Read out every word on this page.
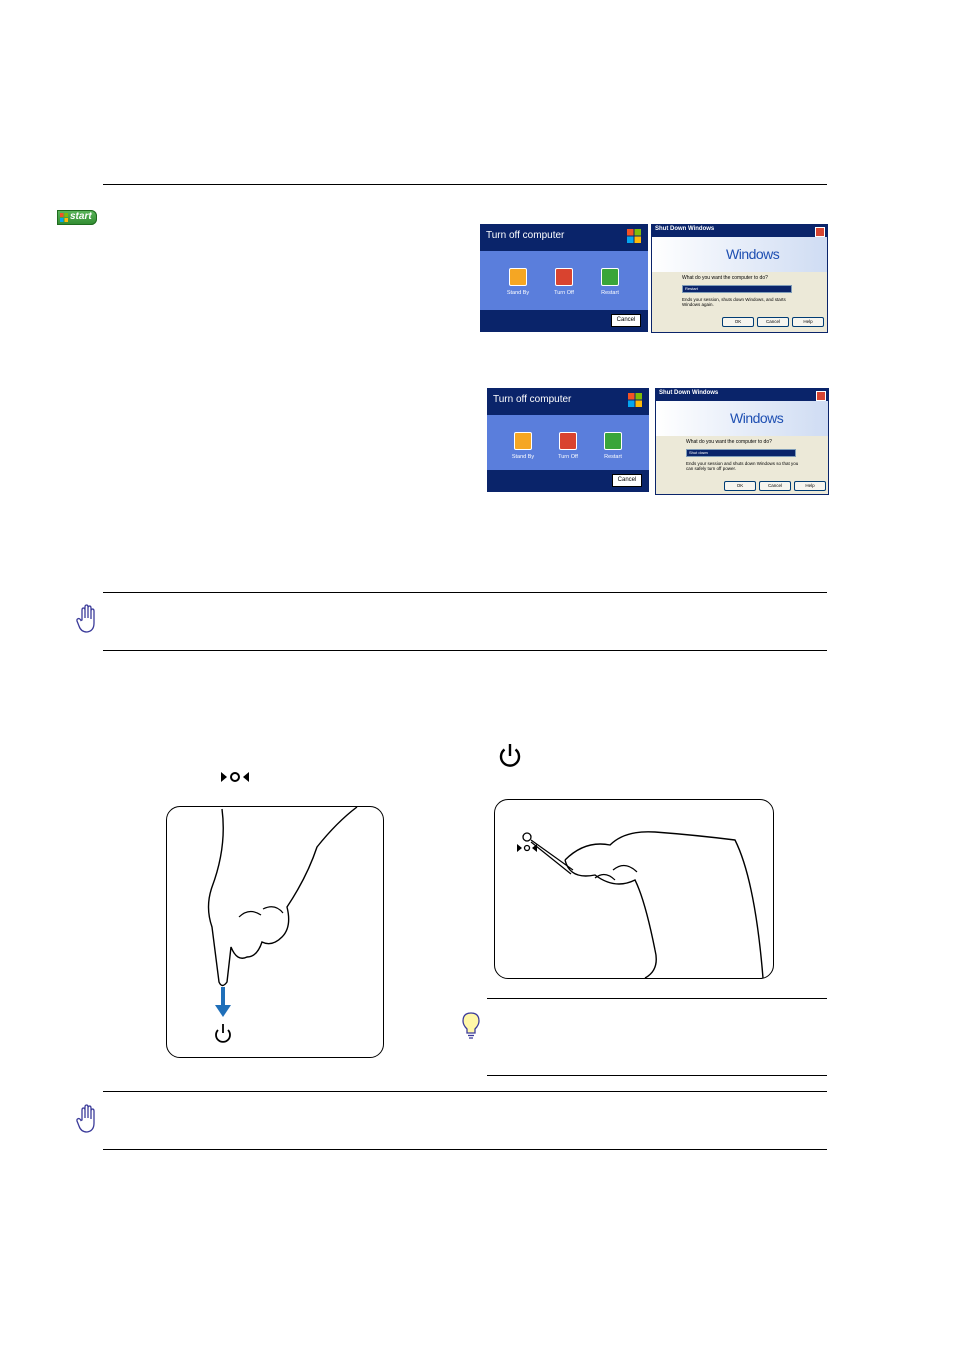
start
Turn off computer
Stand By	Turn Off	Restart
Cancel
Shut Down Windows
Windows
What do you want the computer to do?
Restart
Ends your session, shuts down Windows, and starts Windows again.
OK	Cancel	Help
Turn off computer
Stand By	Turn Off	Restart
Cancel
Shut Down Windows
Windows
What do you want the computer to do?
Shut down
Ends your session and shuts down Windows so that you can safely turn off power.
OK	Cancel	Help
